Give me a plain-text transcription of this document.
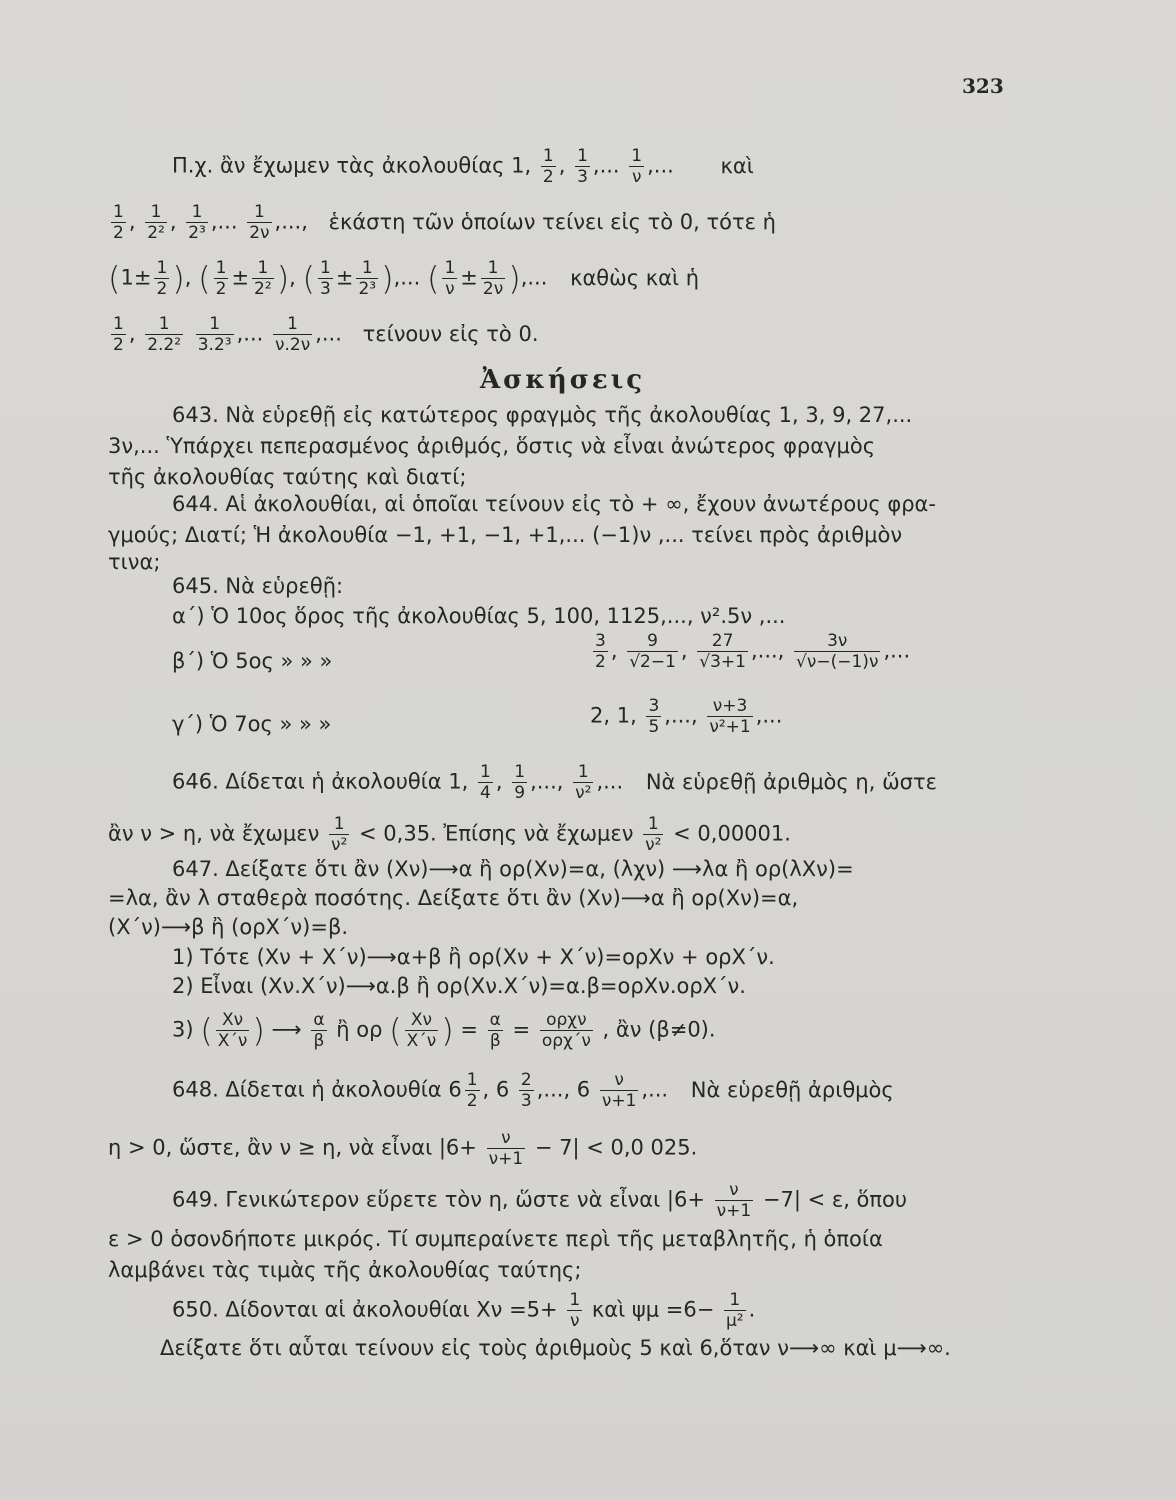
323
Π.χ. ἂν ἔχωμεν τὰς ἀκολουθίας 1, $\frac{1}{2}$ , $\frac{1}{3}$ ,... $\frac{1}{\nu}$ ,... καὶ
$\frac{1}{2}$ , $\frac{1}{\text{2²}}$ , $\frac{1}{\text{2³}}$ ,... $\frac{1}{2\nu}$ ,..., ἑκάστη τῶν ὁποίων τείνει εἰς τὸ 0, τότε ἡ
($1\pm \frac{1}{2}$ ), ( $\frac{1}{2} \pm \frac{1}{\text{2²}}$ ), ( $\frac{1}{3} \pm \frac{1}{\text{2³}}$ ),... ( $\frac{1}{\nu} \pm \frac{1}{2\nu}$ ),... καθὼς καὶ ἡ
$\frac{1}{2}$ , $\frac{1}{\text{2.2²}}$
$\frac{1}{\text{3.2³}}$ ,... $\frac{1}{\nu.2\nu}$ ,... τείνουν εἰς τὸ 0.
Ἀσκήσεις
643. Νὰ εὑρεθῇ εἰς κατώτερος φραγμὸς τῆς ἀκολουθίας 1, 3, 9, 27,...
3ν,... Ὑπάρχει πεπερασμένος ἀριθμός, ὅστις νὰ εἶναι ἀνώτερος φραγμὸς
τῆς ἀκολουθίας ταύτης καὶ διατί;
644. Αἱ ἀκολουθίαι, αἱ ὁποῖαι τείνουν εἰς τὸ + ∞, ἔχουν ἀνωτέρους φρα-
γμούς; Διατί; Ἡ ἀκολουθία −1, +1, −1, +1,... (−1)ν ,... τείνει πρὸς ἀριθμὸν
τινα;
645. Νὰ εὑρεθῇ:
α΄) Ὁ 10ος ὅρος τῆς ἀκολουθίας 5, 100, 1125,..., ν².5ν ,...
β΄) Ὁ 5ος » » »	$\frac{3}{2}$ , $\frac{9}{√2-1}$ , $\frac{27}{√3+1}$ ,..., $\frac{3\nu}{√\nu-(-1)\nu}$ ,...
γ΄) Ὁ 7ος » » »	2, 1, $\frac{3}{5}$ ,..., $\frac{\nu+3}{\text{ν²+1}}$ ,...
646. Δίδεται ἡ ἀκολουθία 1, $\frac{1}{4}$ , $\frac{1}{9}$ ,..., $\frac{1}{\text{ν²}}$ ,... Νὰ εὑρεθῇ ἀριθμὸς η, ὥστε
ἂν ν > η, νὰ ἔχωμεν $\frac{1}{\text{ν²}} < 0,35$. Ἐπίσης νὰ ἔχωμεν $\frac{1}{\text{ν²}} < 0,00001$.
647. Δείξατε ὅτι ἂν (Χν)⟶α ἢ ορ(Χν)=α, (λχν) ⟶λα ἢ ορ(λΧν)=
=λα, ἂν λ σταθερὰ ποσότης. Δείξατε ὅτι ἂν (Χν)⟶α ἢ ορ(Χν)=α,
(Χ΄ν)⟶β ἢ (ορΧ΄ν)=β.
1) Τότε (Χν + Χ΄ν)⟶α+β ἢ ορ(Χν + Χ΄ν)=ορΧν + ορΧ΄ν.
2) Εἶναι (Χν.Χ΄ν)⟶α.β ἢ ορ(Χν.Χ΄ν)=α.β=ορΧν.ορΧ΄ν.
3) ( $\frac{X\nu}{X΄\nu}$ ) ⟶ $\frac{\alpha}{\beta}$ ἢ ορ ( $\frac{X\nu}{X΄\nu}$ ) = $\frac{\alpha}{\beta} = o\rho\chi\nu$
ορχ΄ν , ἂν (β≠0).
648. Δίδεται ἡ ἀκολουθία $6 \frac{1}{2}$ , $6 \frac{2}{3}$ ,..., $6 \frac{\nu}{\nu+1}$ ,... Νὰ εὑρεθῇ ἀριθμὸς
η > 0, ὥστε, ἂν ν ≥ η, νὰ εἶναι $|6+ \frac{\nu}{\nu+1} - 7| < 0,0$ 025.
649. Γενικώτερον εὕρετε τὸν η, ὥστε νὰ εἶναι $|6+ \frac{\nu}{\nu+1} -7| < \varepsilon$, ὅπου
ε > 0 ὁσονδήποτε μικρός. Τί συμπεραίνετε περὶ τῆς μεταβλητῆς, ἡ ὁποία
λαμβάνει τὰς τιμὰς τῆς ἀκολουθίας ταύτης;
650. Δίδονται αἱ ἀκολουθίαι $X\nu =5+ \frac{1}{\nu}$ καὶ $\psi\mu =6- \frac{1}{\text{μ²}}$ .
Δείξατε ὅτι αὗται τείνουν εἰς τοὺς ἀριθμοὺς 5 καὶ 6,ὅταν ν⟶∞ καὶ μ⟶∞.
